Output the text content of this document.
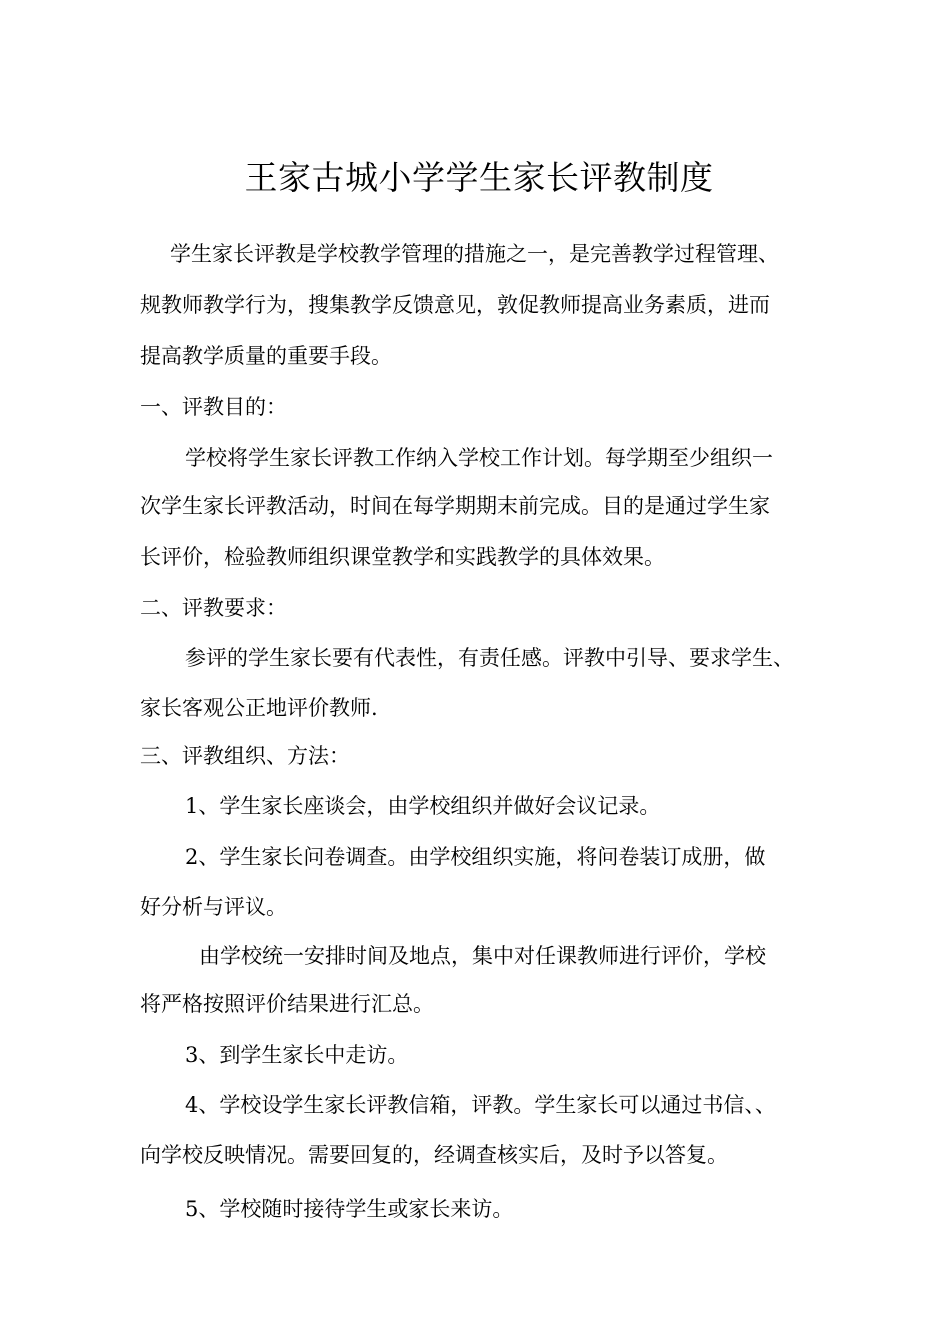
王家古城小学学生家长评教制度

学生家长评教是学校教学管理的措施之一，是完善教学过程管理、

规教师教学行为，搜集教学反馈意见，敦促教师提高业务素质，进而

提高教学质量的重要手段。

一、评教目的：

学校将学生家长评教工作纳入学校工作计划。每学期至少组织一

次学生家长评教活动，时间在每学期期末前完成。目的是通过学生家

长评价，检验教师组织课堂教学和实践教学的具体效果。

二、评教要求：

参评的学生家长要有代表性，有责任感。评教中引导、要求学生、

家长客观公正地评价教师.

三、评教组织、方法：

1、学生家长座谈会，由学校组织并做好会议记录。

2、学生家长问卷调查。由学校组织实施，将问卷装订成册，做

好分析与评议。

由学校统一安排时间及地点，集中对任课教师进行评价，学校

将严格按照评价结果进行汇总。

3、到学生家长中走访。

4、学校设学生家长评教信箱，评教。学生家长可以通过书信、、

向学校反映情况。需要回复的，经调查核实后，及时予以答复。

5、学校随时接待学生或家长来访。
